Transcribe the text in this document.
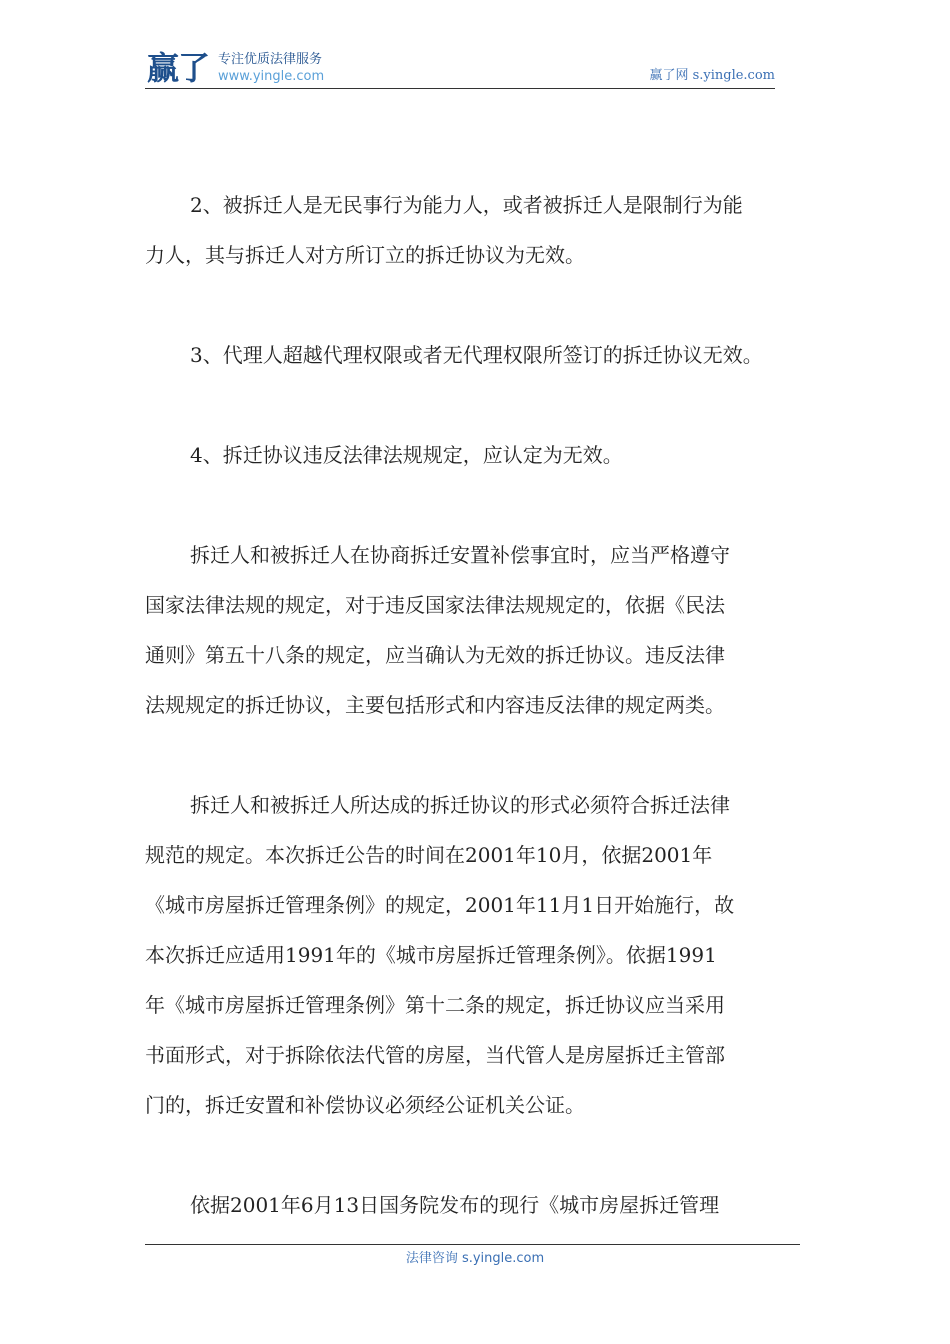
赢了 专注优质法律服务
www.yingle.com	赢了网 s.yingle.com

2、被拆迁人是无民事行为能力人，或者被拆迁人是限制行为能
力人，其与拆迁人对方所订立的拆迁协议为无效。

3、代理人超越代理权限或者无代理权限所签订的拆迁协议无效。

4、拆迁协议违反法律法规规定，应认定为无效。

拆迁人和被拆迁人在协商拆迁安置补偿事宜时，应当严格遵守
国家法律法规的规定，对于违反国家法律法规规定的，依据《民法
通则》第五十八条的规定，应当确认为无效的拆迁协议。违反法律
法规规定的拆迁协议，主要包括形式和内容违反法律的规定两类。

拆迁人和被拆迁人所达成的拆迁协议的形式必须符合拆迁法律
规范的规定。本次拆迁公告的时间在2001年10月，依据2001年
《城市房屋拆迁管理条例》的规定，2001年11月1日开始施行，故
本次拆迁应适用1991年的《城市房屋拆迁管理条例》。依据1991
年《城市房屋拆迁管理条例》第十二条的规定，拆迁协议应当采用
书面形式，对于拆除依法代管的房屋，当代管人是房屋拆迁主管部
门的，拆迁安置和补偿协议必须经公证机关公证。

依据2001年6月13日国务院发布的现行《城市房屋拆迁管理

法律咨询 s.yingle.com
